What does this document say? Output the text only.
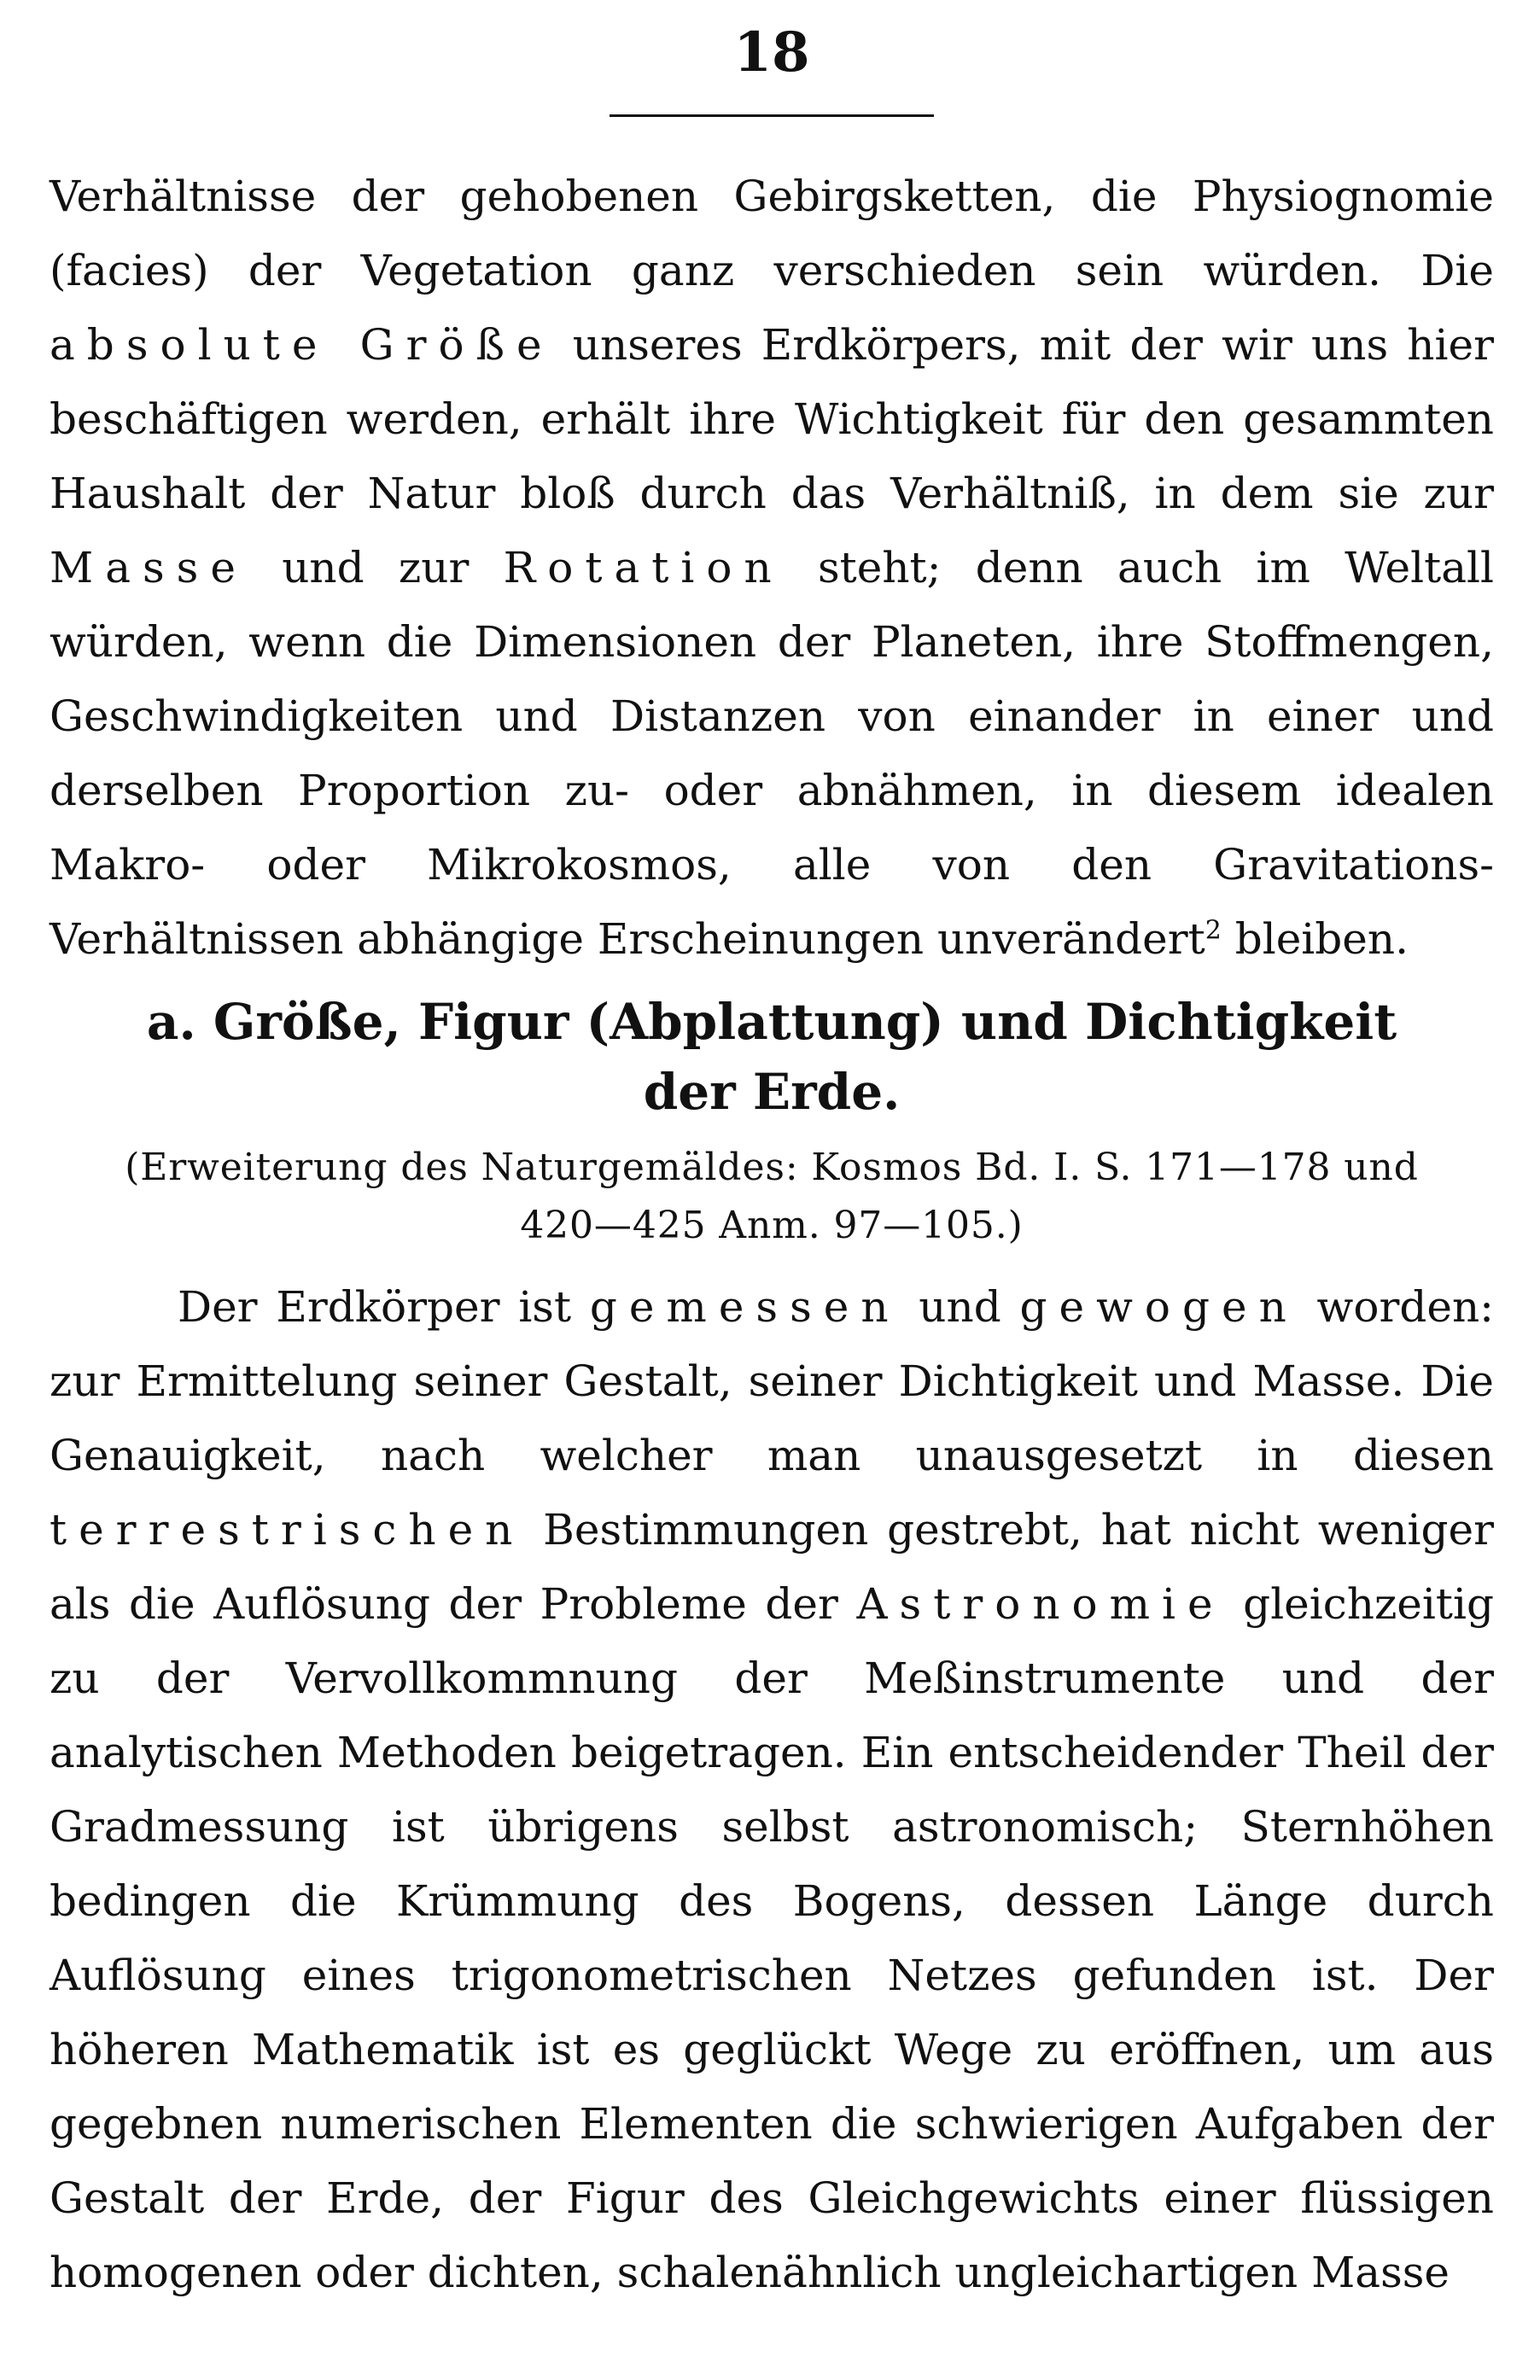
18

Verhältnisse der gehobenen Gebirgsketten, die Physiognomie (facies) der Vegetation ganz verschieden sein würden. Die absolute Größe unseres Erdkörpers, mit der wir uns hier beschäftigen werden, erhält ihre Wichtigkeit für den gesammten Haushalt der Natur bloß durch das Verhältniß, in dem sie zur Masse und zur Rotation steht; denn auch im Weltall würden, wenn die Dimensionen der Planeten, ihre Stoffmengen, Geschwindigkeiten und Distanzen von einander in einer und derselben Proportion zu- oder abnähmen, in diesem idealen Makro- oder Mikrokosmos, alle von den Gravitations-Verhältnissen abhängige Erscheinungen unverändert$^2$ bleiben.

a. Größe, Figur (Abplattung) und Dichtigkeit
der Erde.
(Erweiterung des Naturgemäldes: Kosmos Bd. I. S. 171—178 und
420—425 Anm. 97—105.)

Der Erdkörper ist gemessen und gewogen worden: zur Ermittelung seiner Gestalt, seiner Dichtigkeit und Masse. Die Genauigkeit, nach welcher man unausgesetzt in diesen terrestrischen Bestimmungen gestrebt, hat nicht weniger als die Auflösung der Probleme der Astronomie gleichzeitig zu der Vervollkommnung der Meßinstrumente und der analytischen Methoden beigetragen. Ein entscheidender Theil der Gradmessung ist übrigens selbst astronomisch; Sternhöhen bedingen die Krümmung des Bogens, dessen Länge durch Auflösung eines trigonometrischen Netzes gefunden ist. Der höheren Mathematik ist es geglückt Wege zu eröffnen, um aus gegebnen numerischen Elementen die schwierigen Aufgaben der Gestalt der Erde, der Figur des Gleichgewichts einer flüssigen homogenen oder dichten, schalenähnlich ungleichartigen Masse
